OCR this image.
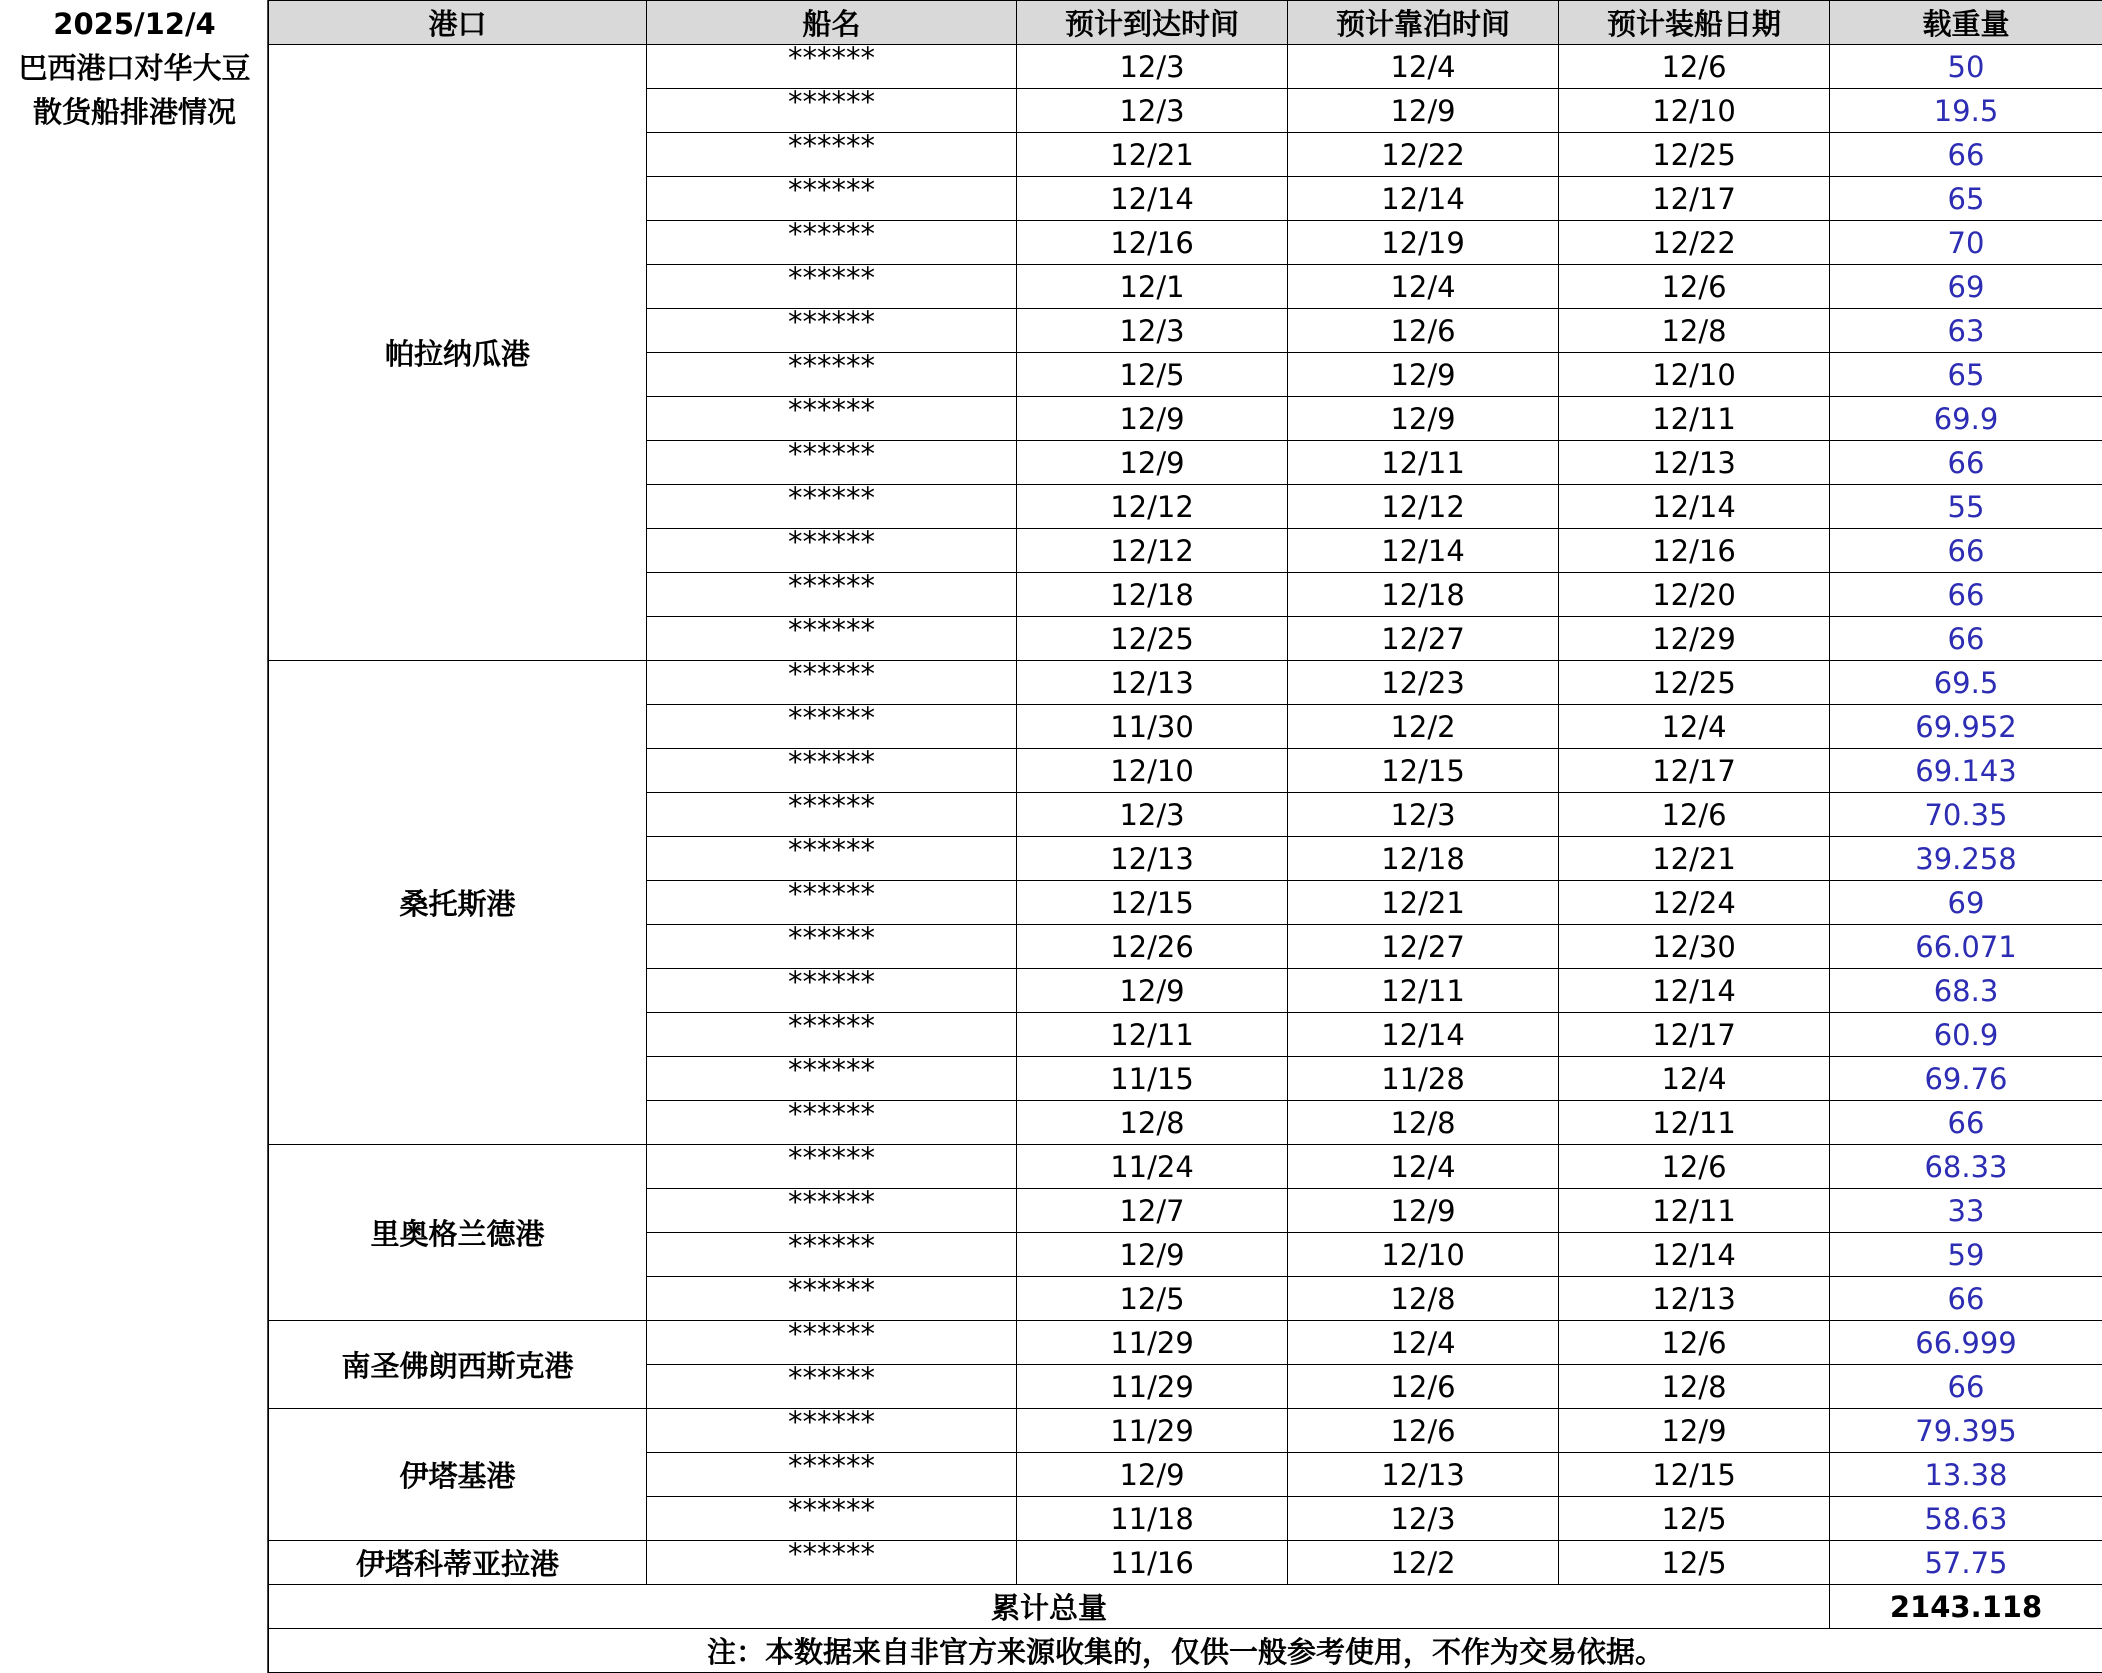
2025/12/4
巴西港口对华大豆
散货船排港情况
港口	船名	预计到达时间	预计靠泊时间	预计装船日期	载重量
帕拉纳瓜港	******	12/3	12/4	12/6	50
	******	12/3	12/9	12/10	19.5
	******	12/21	12/22	12/25	66
	******	12/14	12/14	12/17	65
	******	12/16	12/19	12/22	70
	******	12/1	12/4	12/6	69
	******	12/3	12/6	12/8	63
	******	12/5	12/9	12/10	65
	******	12/9	12/9	12/11	69.9
	******	12/9	12/11	12/13	66
	******	12/12	12/12	12/14	55
	******	12/12	12/14	12/16	66
	******	12/18	12/18	12/20	66
	******	12/25	12/27	12/29	66
桑托斯港	******	12/13	12/23	12/25	69.5
	******	11/30	12/2	12/4	69.952
	******	12/10	12/15	12/17	69.143
	******	12/3	12/3	12/6	70.35
	******	12/13	12/18	12/21	39.258
	******	12/15	12/21	12/24	69
	******	12/26	12/27	12/30	66.071
	******	12/9	12/11	12/14	68.3
	******	12/11	12/14	12/17	60.9
	******	11/15	11/28	12/4	69.76
	******	12/8	12/8	12/11	66
里奥格兰德港	******	11/24	12/4	12/6	68.33
	******	12/7	12/9	12/11	33
	******	12/9	12/10	12/14	59
	******	12/5	12/8	12/13	66
南圣佛朗西斯克港	******	11/29	12/4	12/6	66.999
	******	11/29	12/6	12/8	66
伊塔基港	******	11/29	12/6	12/9	79.395
	******	12/9	12/13	12/15	13.38
	******	11/18	12/3	12/5	58.63
伊塔科蒂亚拉港	******	11/16	12/2	12/5	57.75
累计总量					2143.118
注：本数据来自非官方来源收集的，仅供一般参考使用，不作为交易依据。					
